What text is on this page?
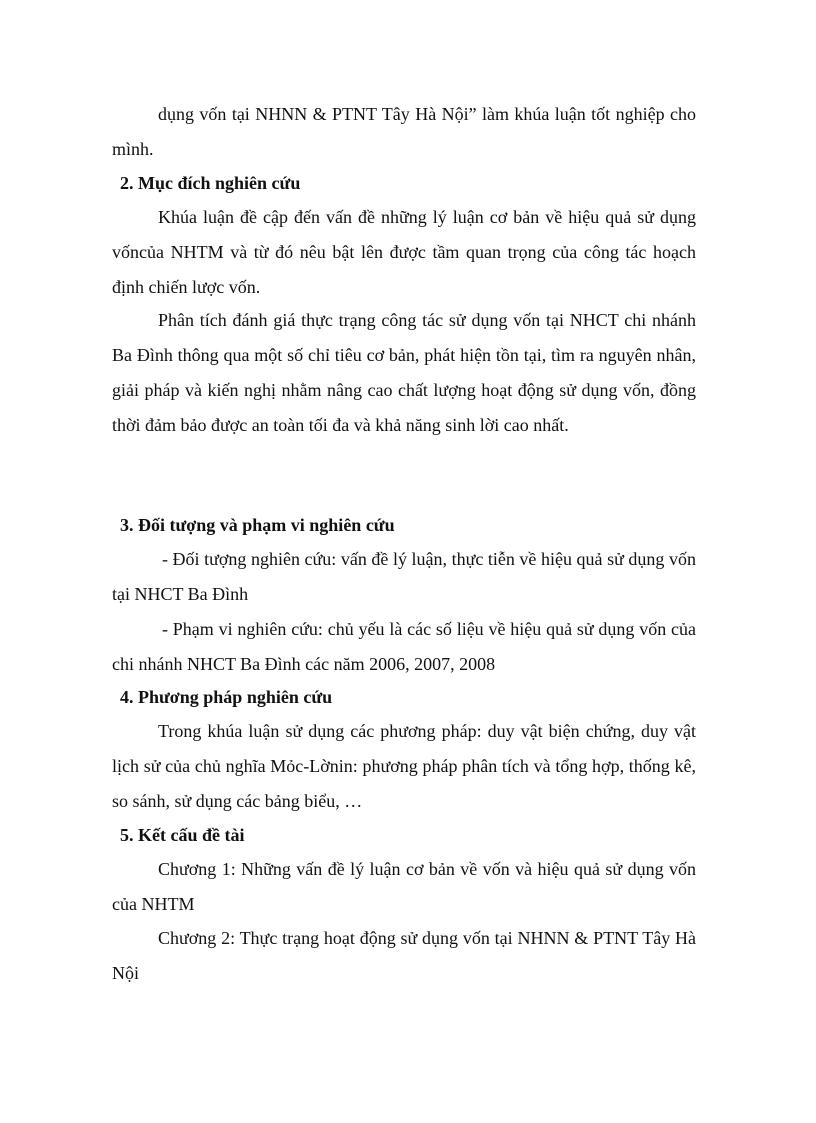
dụng vốn tại NHNN & PTNT Tây Hà Nội” làm khúa luận tốt nghiệp cho mình.

2. Mục đích nghiên cứu

Khúa luận đề cập đến vấn đề những lý luận cơ bản về hiệu quả sử dụng vốncủa NHTM và từ đó nêu bật lên được tầm quan trọng của công tác hoạch định chiến lược vốn.

Phân tích đánh giá thực trạng công tác sử dụng vốn tại NHCT chi nhánh Ba Đình thông qua một số chỉ tiêu cơ bản, phát hiện tồn tại, tìm ra nguyên nhân, giải pháp và kiến nghị nhằm nâng cao chất lượng hoạt động sử dụng vốn, đồng thời đảm bảo được an toàn tối đa và khả năng sinh lời cao nhất.

3. Đối tượng và phạm vi nghiên cứu

- Đối tượng nghiên cứu: vấn đề lý luận, thực tiễn về hiệu quả sử dụng vốn tại NHCT Ba Đình

- Phạm vi nghiên cứu: chủ yếu là các số liệu về hiệu quả sử dụng vốn của chi nhánh NHCT Ba Đình các năm 2006, 2007, 2008

4. Phương pháp nghiên cứu

Trong khúa luận sử dụng các phương pháp: duy vật biện chứng, duy vật lịch sử của chủ nghĩa Mỏc-Lờnin: phương pháp phân tích và tổng hợp, thống kê, so sánh, sử dụng các bảng biểu, …

5. Kết cấu đề tài

Chương 1: Những vấn đề lý luận cơ bản về vốn và hiệu quả sử dụng vốn của NHTM

Chương 2: Thực trạng hoạt động sử dụng vốn tại NHNN & PTNT Tây Hà Nội
